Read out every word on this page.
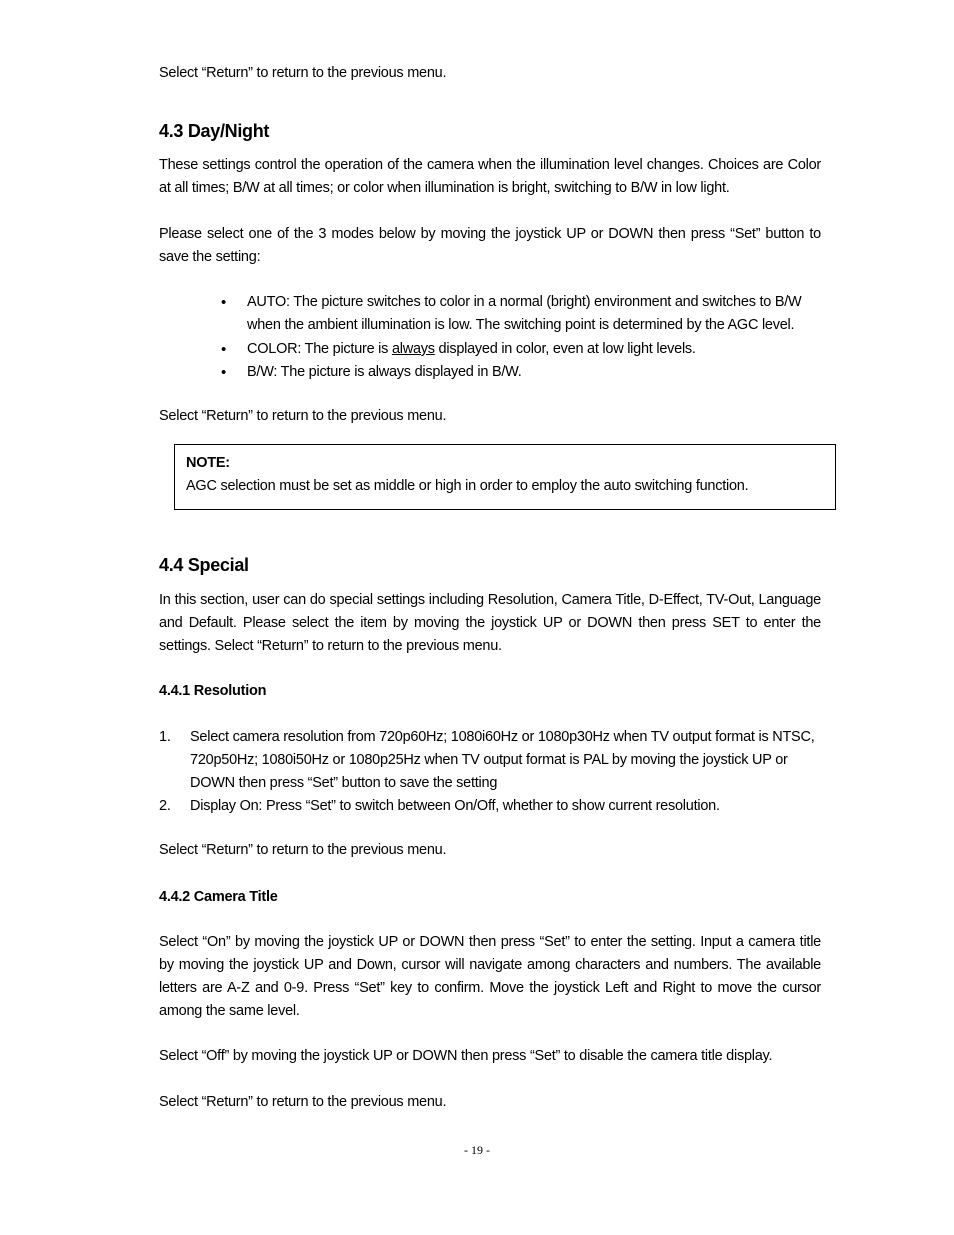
Select “Return” to return to the previous menu.

4.3 Day/Night

These settings control the operation of the camera when the illumination level changes. Choices are Color at all times; B/W at all times; or color when illumination is bright, switching to B/W in low light.

Please select one of the 3 modes below by moving the joystick UP or DOWN then press “Set” button to save the setting:

• AUTO: The picture switches to color in a normal (bright) environment and switches to B/W when the ambient illumination is low. The switching point is determined by the AGC level.
• COLOR: The picture is always displayed in color, even at low light levels.
• B/W: The picture is always displayed in B/W.

Select “Return” to return to the previous menu.

NOTE:
AGC selection must be set as middle or high in order to employ the auto switching function.
4.4 Special

In this section, user can do special settings including Resolution, Camera Title, D-Effect, TV-Out, Language and Default. Please select the item by moving the joystick UP or DOWN then press SET to enter the settings. Select “Return” to return to the previous menu.

4.4.1 Resolution
1. Select camera resolution from 720p60Hz; 1080i60Hz or 1080p30Hz when TV output format is NTSC, 720p50Hz; 1080i50Hz or 1080p25Hz when TV output format is PAL by moving the joystick UP or DOWN then press “Set” button to save the setting
2. Display On: Press “Set” to switch between On/Off, whether to show current resolution.

Select “Return” to return to the previous menu.

4.4.2 Camera Title

Select “On” by moving the joystick UP or DOWN then press “Set” to enter the setting. Input a camera title by moving the joystick UP and Down, cursor will navigate among characters and numbers. The available letters are A-Z and 0-9. Press “Set” key to confirm. Move the joystick Left and Right to move the cursor among the same level.

Select “Off” by moving the joystick UP or DOWN then press “Set” to disable the camera title display.

Select “Return” to return to the previous menu.

- 19 -
